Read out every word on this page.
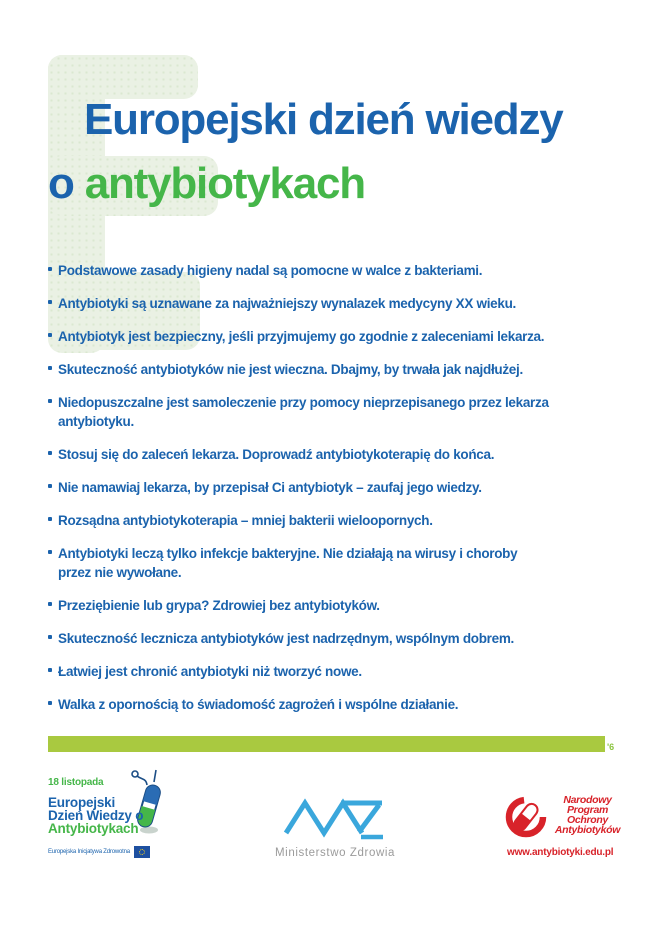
Europejski dzień wiedzy
o antybiotykach
Podstawowe zasady higieny nadal są pomocne w walce z bakteriami.
Antybiotyki są uznawane za najważniejszy wynalazek medycyny XX wieku.
Antybiotyk jest bezpieczny, jeśli przyjmujemy go zgodnie z zaleceniami lekarza.
Skuteczność antybiotyków nie jest wieczna. Dbajmy, by trwała jak najdłużej.
Niedopuszczalne jest samoleczenie przy pomocy nieprzepisanego przez lekarza
antybiotyku.
Stosuj się do zaleceń lekarza. Doprowadź antybiotykoterapię do końca.
Nie namawiaj lekarza, by przepisał Ci antybiotyk – zaufaj jego wiedzy.
Rozsądna antybiotykoterapia – mniej bakterii wieloopornych.
Antybiotyki leczą tylko infekcje bakteryjne. Nie działają na wirusy i choroby
przez nie wywołane.
Przeziębienie lub grypa? Zdrowiej bez antybiotyków.
Skuteczność lecznicza antybiotyków jest nadrzędnym, wspólnym dobrem.
Łatwiej jest chronić antybiotyki niż tworzyć nowe.
Walka z opornością to świadomość zagrożeń i wspólne działanie.
'6
18 listopada
Europejski
Dzień Wiedzy o
Antybiotykach
Europejska Inicjatywa Zdrowotna	Ministerstwo Zdrowia
Narodowy
Program
Ochrony
Antybiotyków
www.antybiotyki.edu.pl
